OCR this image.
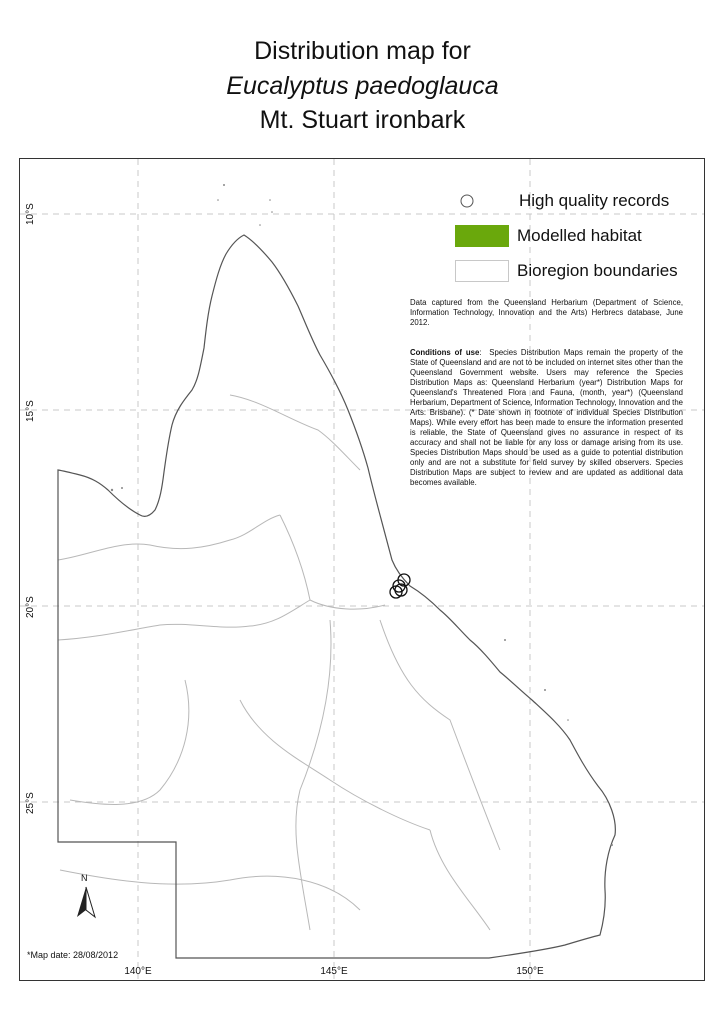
Distribution map for
Eucalyptus paedoglauca
Mt. Stuart ironbark
10°S
15°S
20°S
25°S
140°E	145°E	150°E
High quality records
Modelled habitat
Bioregion boundaries
Data captured from the Queensland Herbarium (Department of Science, Information Technology, Innovation and the Arts) Herbrecs database, June 2012.
Conditions of use:  Species Distribution Maps remain the property of the State of Queensland and are not to be included on internet sites other than the Queensland Government website. Users may reference the Species Distribution Maps as: Queensland Herbarium (year*) Distribution Maps for Queensland's Threatened Flora and Fauna, (month, year*) (Queensland Herbarium, Department of Science, Information Technology, Innovation and the Arts: Brisbane). (* Date shown in footnote of individual Species Distribution Maps). While every effort has been made to ensure the information presented is reliable, the State of Queensland gives no assurance in respect of its accuracy and shall not be liable for any loss or damage arising from its use. Species Distribution Maps should be used as a guide to potential distribution only and are not a substitute for field survey by skilled observers. Species Distribution Maps are subject to review and are updated as additional data becomes available.
N
*Map date: 28/08/2012
